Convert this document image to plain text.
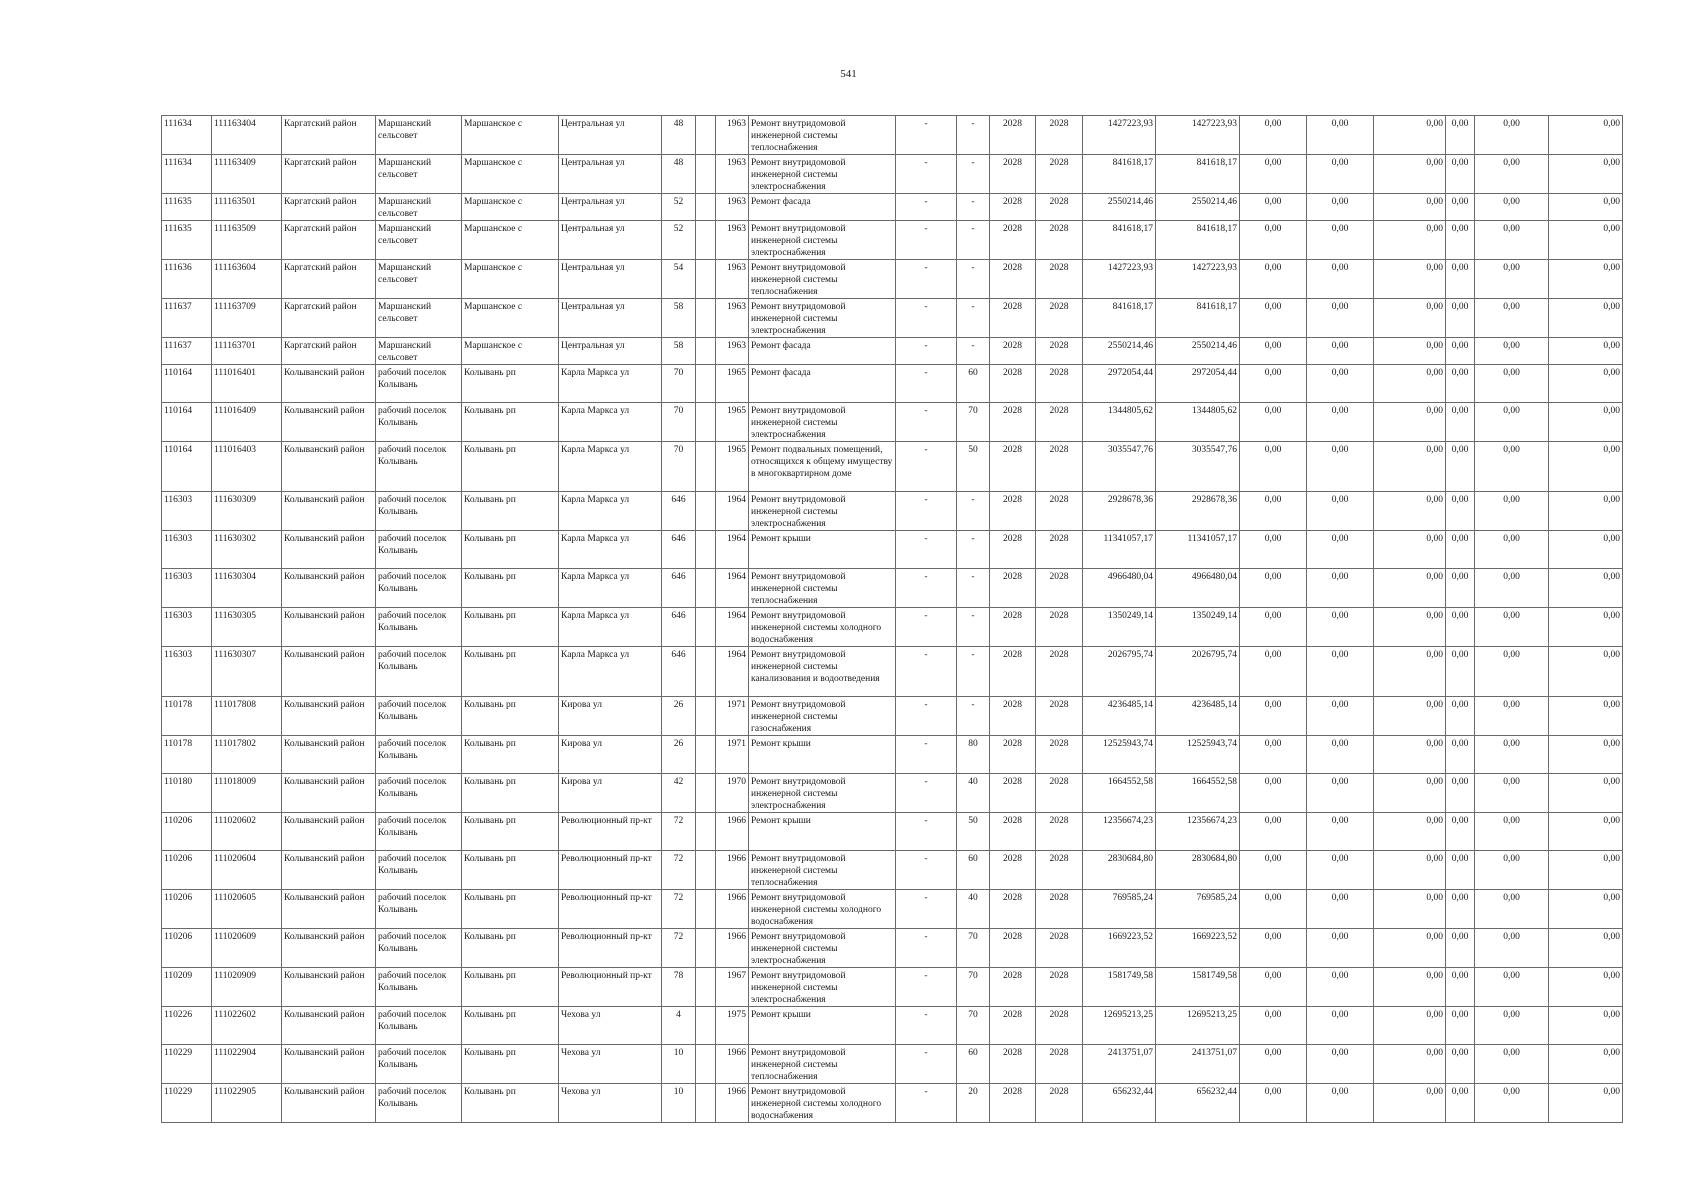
541
111634	111163404	Каргатский район	Маршанский сельсовет	Маршанское с	Центральная ул	48		1963	Ремонт внутридомовой инженерной системы теплоснабжения	-	-	2028	2028	1427223,93	1427223,93	0,00	0,00	0,00	0,00	0,00	0,00
111634	111163409	Каргатский район	Маршанский сельсовет	Маршанское с	Центральная ул	48		1963	Ремонт внутридомовой инженерной системы электроснабжения	-	-	2028	2028	841618,17	841618,17	0,00	0,00	0,00	0,00	0,00	0,00
111635	111163501	Каргатский район	Маршанский сельсовет	Маршанское с	Центральная ул	52		1963	Ремонт фасада	-	-	2028	2028	2550214,46	2550214,46	0,00	0,00	0,00	0,00	0,00	0,00
111635	111163509	Каргатский район	Маршанский сельсовет	Маршанское с	Центральная ул	52		1963	Ремонт внутридомовой инженерной системы электроснабжения	-	-	2028	2028	841618,17	841618,17	0,00	0,00	0,00	0,00	0,00	0,00
111636	111163604	Каргатский район	Маршанский сельсовет	Маршанское с	Центральная ул	54		1963	Ремонт внутридомовой инженерной системы теплоснабжения	-	-	2028	2028	1427223,93	1427223,93	0,00	0,00	0,00	0,00	0,00	0,00
111637	111163709	Каргатский район	Маршанский сельсовет	Маршанское с	Центральная ул	58		1963	Ремонт внутридомовой инженерной системы электроснабжения	-	-	2028	2028	841618,17	841618,17	0,00	0,00	0,00	0,00	0,00	0,00
111637	111163701	Каргатский район	Маршанский сельсовет	Маршанское с	Центральная ул	58		1963	Ремонт фасада	-	-	2028	2028	2550214,46	2550214,46	0,00	0,00	0,00	0,00	0,00	0,00
110164	111016401	Колыванский район	рабочий поселок Колывань	Колывань рп	Карла Маркса ул	70		1965	Ремонт фасада	-	60	2028	2028	2972054,44	2972054,44	0,00	0,00	0,00	0,00	0,00	0,00
110164	111016409	Колыванский район	рабочий поселок Колывань	Колывань рп	Карла Маркса ул	70		1965	Ремонт внутридомовой инженерной системы электроснабжения	-	70	2028	2028	1344805,62	1344805,62	0,00	0,00	0,00	0,00	0,00	0,00
110164	111016403	Колыванский район	рабочий поселок Колывань	Колывань рп	Карла Маркса ул	70		1965	Ремонт подвальных помещений, относящихся к общему имуществу в многоквартирном доме	-	50	2028	2028	3035547,76	3035547,76	0,00	0,00	0,00	0,00	0,00	0,00
116303	111630309	Колыванский район	рабочий поселок Колывань	Колывань рп	Карла Маркса ул	646		1964	Ремонт внутридомовой инженерной системы электроснабжения	-	-	2028	2028	2928678,36	2928678,36	0,00	0,00	0,00	0,00	0,00	0,00
116303	111630302	Колыванский район	рабочий поселок Колывань	Колывань рп	Карла Маркса ул	646		1964	Ремонт крыши	-	-	2028	2028	11341057,17	11341057,17	0,00	0,00	0,00	0,00	0,00	0,00
116303	111630304	Колыванский район	рабочий поселок Колывань	Колывань рп	Карла Маркса ул	646		1964	Ремонт внутридомовой инженерной системы теплоснабжения	-	-	2028	2028	4966480,04	4966480,04	0,00	0,00	0,00	0,00	0,00	0,00
116303	111630305	Колыванский район	рабочий поселок Колывань	Колывань рп	Карла Маркса ул	646		1964	Ремонт внутридомовой инженерной системы холодного водоснабжения	-	-	2028	2028	1350249,14	1350249,14	0,00	0,00	0,00	0,00	0,00	0,00
116303	111630307	Колыванский район	рабочий поселок Колывань	Колывань рп	Карла Маркса ул	646		1964	Ремонт внутридомовой инженерной системы канализования и водоотведения	-	-	2028	2028	2026795,74	2026795,74	0,00	0,00	0,00	0,00	0,00	0,00
110178	111017808	Колыванский район	рабочий поселок Колывань	Колывань рп	Кирова ул	26		1971	Ремонт внутридомовой инженерной системы газоснабжения	-	-	2028	2028	4236485,14	4236485,14	0,00	0,00	0,00	0,00	0,00	0,00
110178	111017802	Колыванский район	рабочий поселок Колывань	Колывань рп	Кирова ул	26		1971	Ремонт крыши	-	80	2028	2028	12525943,74	12525943,74	0,00	0,00	0,00	0,00	0,00	0,00
110180	111018009	Колыванский район	рабочий поселок Колывань	Колывань рп	Кирова ул	42		1970	Ремонт внутридомовой инженерной системы электроснабжения	-	40	2028	2028	1664552,58	1664552,58	0,00	0,00	0,00	0,00	0,00	0,00
110206	111020602	Колыванский район	рабочий поселок Колывань	Колывань рп	Революционный пр-кт	72		1966	Ремонт крыши	-	50	2028	2028	12356674,23	12356674,23	0,00	0,00	0,00	0,00	0,00	0,00
110206	111020604	Колыванский район	рабочий поселок Колывань	Колывань рп	Революционный пр-кт	72		1966	Ремонт внутридомовой инженерной системы теплоснабжения	-	60	2028	2028	2830684,80	2830684,80	0,00	0,00	0,00	0,00	0,00	0,00
110206	111020605	Колыванский район	рабочий поселок Колывань	Колывань рп	Революционный пр-кт	72		1966	Ремонт внутридомовой инженерной системы холодного водоснабжения	-	40	2028	2028	769585,24	769585,24	0,00	0,00	0,00	0,00	0,00	0,00
110206	111020609	Колыванский район	рабочий поселок Колывань	Колывань рп	Революционный пр-кт	72		1966	Ремонт внутридомовой инженерной системы электроснабжения	-	70	2028	2028	1669223,52	1669223,52	0,00	0,00	0,00	0,00	0,00	0,00
110209	111020909	Колыванский район	рабочий поселок Колывань	Колывань рп	Революционный пр-кт	78		1967	Ремонт внутридомовой инженерной системы электроснабжения	-	70	2028	2028	1581749,58	1581749,58	0,00	0,00	0,00	0,00	0,00	0,00
110226	111022602	Колыванский район	рабочий поселок Колывань	Колывань рп	Чехова ул	4		1975	Ремонт крыши	-	70	2028	2028	12695213,25	12695213,25	0,00	0,00	0,00	0,00	0,00	0,00
110229	111022904	Колыванский район	рабочий поселок Колывань	Колывань рп	Чехова ул	10		1966	Ремонт внутридомовой инженерной системы теплоснабжения	-	60	2028	2028	2413751,07	2413751,07	0,00	0,00	0,00	0,00	0,00	0,00
110229	111022905	Колыванский район	рабочий поселок Колывань	Колывань рп	Чехова ул	10		1966	Ремонт внутридомовой инженерной системы холодного водоснабжения	-	20	2028	2028	656232,44	656232,44	0,00	0,00	0,00	0,00	0,00	0,00
